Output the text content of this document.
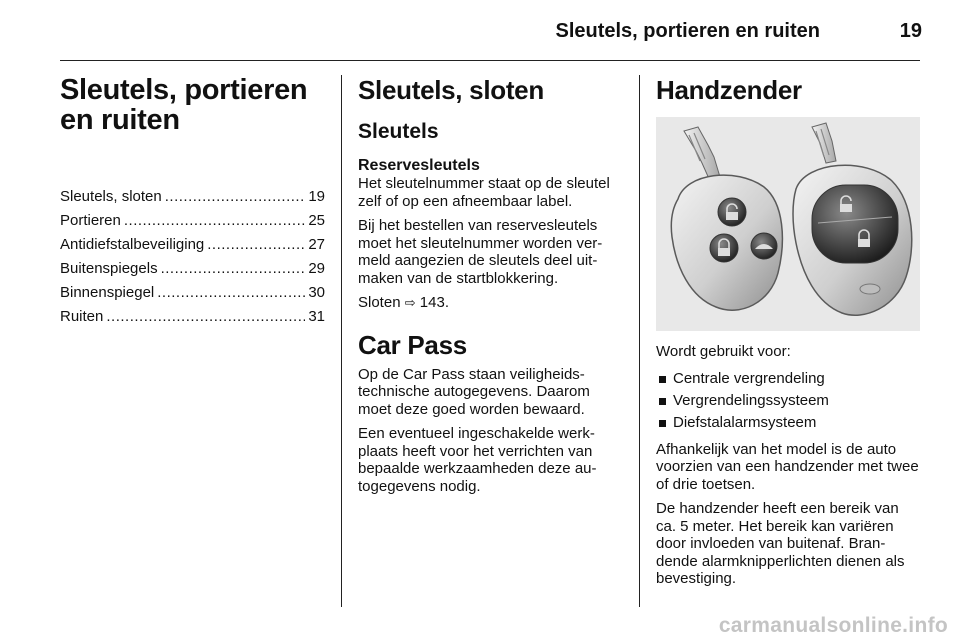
Sleutels, portieren en ruiten	19
Sleutels, portieren en ruiten
Sleutels, sloten .....	19
Portieren .....	25
Antidiefstalbeveiliging .....	27
Buitenspiegels .....	29
Binnenspiegel .....	30
Ruiten .....	31
Sleutels, sloten
Sleutels
Reservesleutels

Het sleutelnummer staat op de sleutel zelf of op een afneembaar label.

Bij het bestellen van reservesleutels moet het sleutelnummer worden vermeld aangezien de sleutels deel uitmaken van de startblokkering.

Sloten ⇨ 143.

Car Pass

Op de Car Pass staan veiligheidstechnische autogegevens. Daarom moet deze goed worden bewaard.

Een eventueel ingeschakelde werkplaats heeft voor het verrichten van bepaalde werkzaamheden deze autogegevens nodig.

Handzender

Wordt gebruikt voor:

Centrale vergrendeling
Vergrendelingssysteem
Diefstalalarmsysteem

Afhankelijk van het model is de auto voorzien van een handzender met twee of drie toetsen.

De handzender heeft een bereik van ca. 5 meter. Het bereik kan variëren door invloeden van buitenaf. Brandende alarmknipperlichten dienen als bevestiging.

carmanualsonline.info
